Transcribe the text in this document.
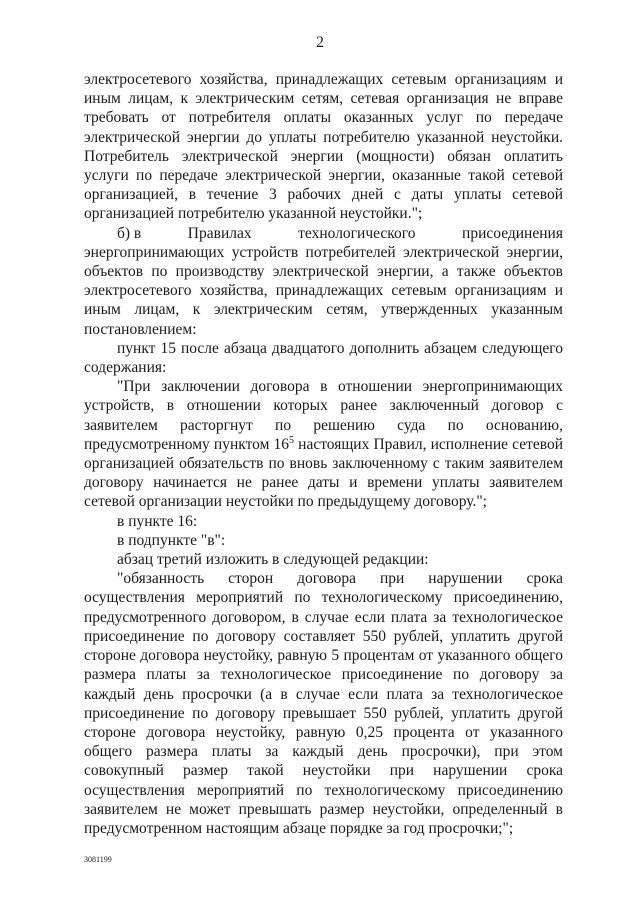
2

электросетевого хозяйства, принадлежащих сетевым организациям и иным лицам, к электрическим сетям, сетевая организация не вправе требовать от потребителя оплаты оказанных услуг по передаче электрической энергии до уплаты потребителю указанной неустойки. Потребитель электрической энергии (мощности) обязан оплатить услуги по передаче электрической энергии, оказанные такой сетевой организацией, в течение 3 рабочих дней с даты уплаты сетевой организацией потребителю указанной неустойки.";

б) в	Правилах	технологического	присоединения

энергопринимающих устройств потребителей электрической энергии, объектов по производству электрической энергии, а также объектов электросетевого хозяйства, принадлежащих сетевым организациям и иным лицам, к электрическим сетям, утвержденных указанным постановлением:

пункт 15 после абзаца двадцатого дополнить абзацем следующего содержания:

"При заключении договора в отношении энергопринимающих устройств, в отношении которых ранее заключенный договор с заявителем расторгнут по решению суда по основанию, предусмотренному пунктом $16^5$ настоящих Правил, исполнение сетевой организацией обязательств по вновь заключенному с таким заявителем договору начинается не ранее даты и времени уплаты заявителем сетевой организации неустойки по предыдущему договору.";

в пункте 16:

в подпункте "в":

абзац третий изложить в следующей редакции:

"обязанность сторон договора при нарушении срока осуществления мероприятий по технологическому присоединению, предусмотренного договором, в случае если плата за технологическое присоединение по договору составляет 550 рублей, уплатить другой стороне договора неустойку, равную 5 процентам от указанного общего размера платы за технологическое присоединение по договору за каждый день просрочки (а в случае если плата за технологическое присоединение по договору превышает 550 рублей, уплатить другой стороне договора неустойку, равную 0,25 процента от указанного общего размера платы за каждый день просрочки), при этом совокупный размер такой неустойки при нарушении срока осуществления мероприятий по технологическому присоединению заявителем не может превышать размер неустойки, определенный в предусмотренном настоящим абзаце порядке за год просрочки;";

3081199
